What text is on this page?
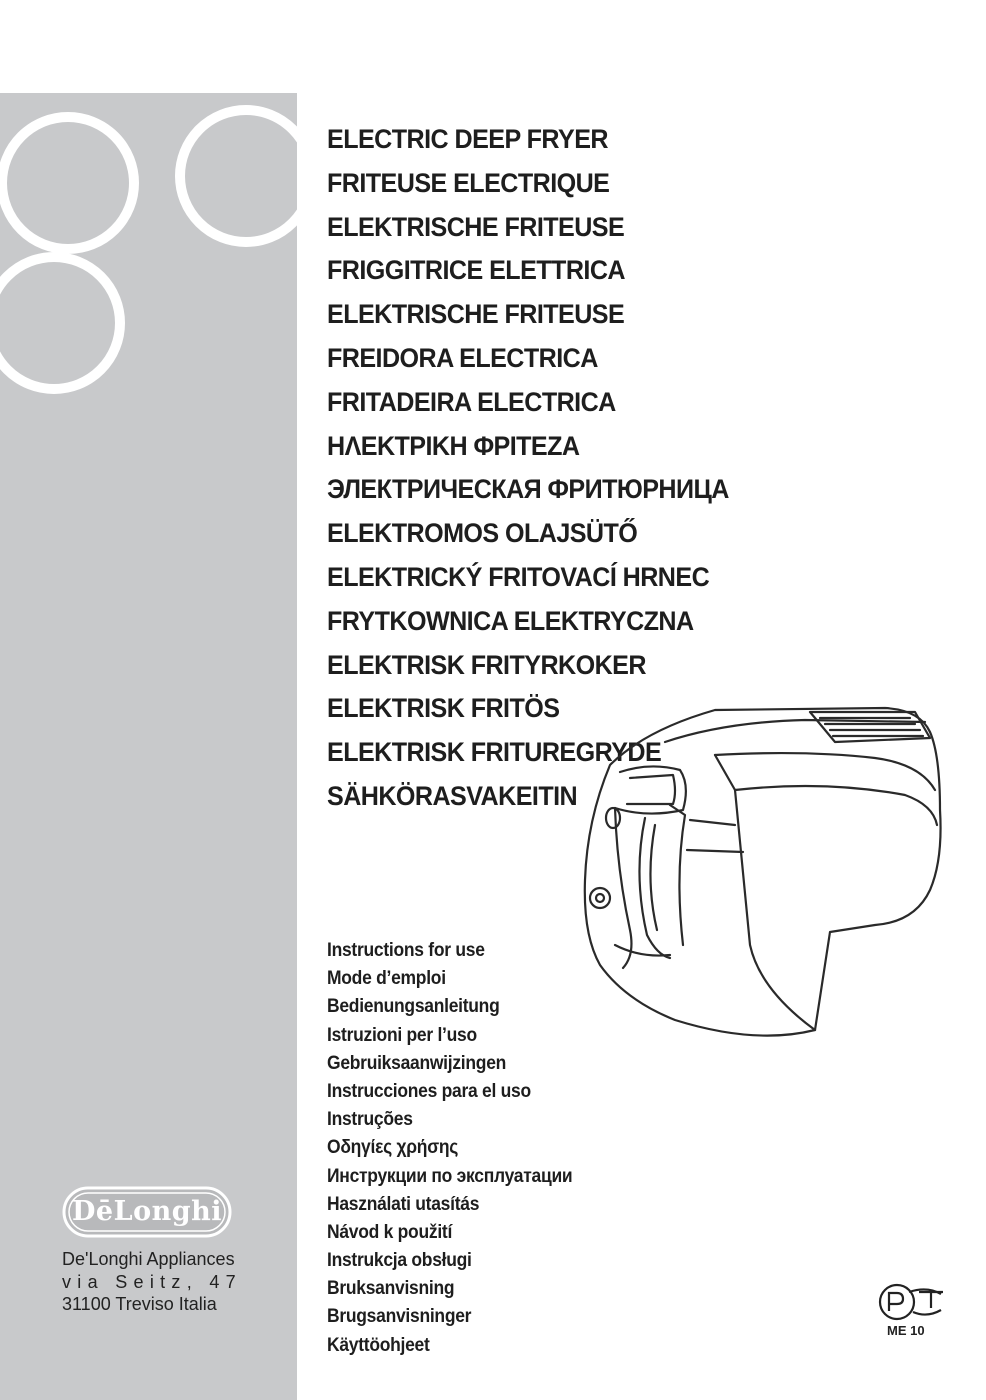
ELECTRIC DEEP FRYER
FRITEUSE ELECTRIQUE
ELEKTRISCHE FRITEUSE
FRIGGITRICE ELETTRICA
ELEKTRISCHE FRITEUSE
FREIDORA ELECTRICA
FRITADEIRA ELECTRICA
ΗΛΕΚΤΡΙΚΗ ΦΡΙΤΕΖΑ
ЭЛЕКТРИЧЕСКАЯ ФРИТЮРНИЦА
ELEKTROMOS OLAJSÜTŐ
ELEKTRICKÝ FRITOVACÍ HRNEC
FRYTKOWNICA ELEKTRYCZNA
ELEKTRISK FRITYRKOKER
ELEKTRISK FRITÖS
ELEKTRISK FRITUREGRYDE
SÄHKÖRASVAKEITIN
Instructions for use
Mode d’emploi
Bedienungsanleitung
Istruzioni per l’uso
Gebruiksaanwijzingen
Instrucciones para el uso
Instruções
Οδηγίες χρήσης
Инструкции по эксплуатации
Használati utasítás
Návod k použití
Instrukcja obsługi
Bruksanvisning
Brugsanvisninger
Käyttöohjeet
DēLonghi
De'Longhi Appliances
via Seitz, 47
31100 Treviso Italia
ME 10
